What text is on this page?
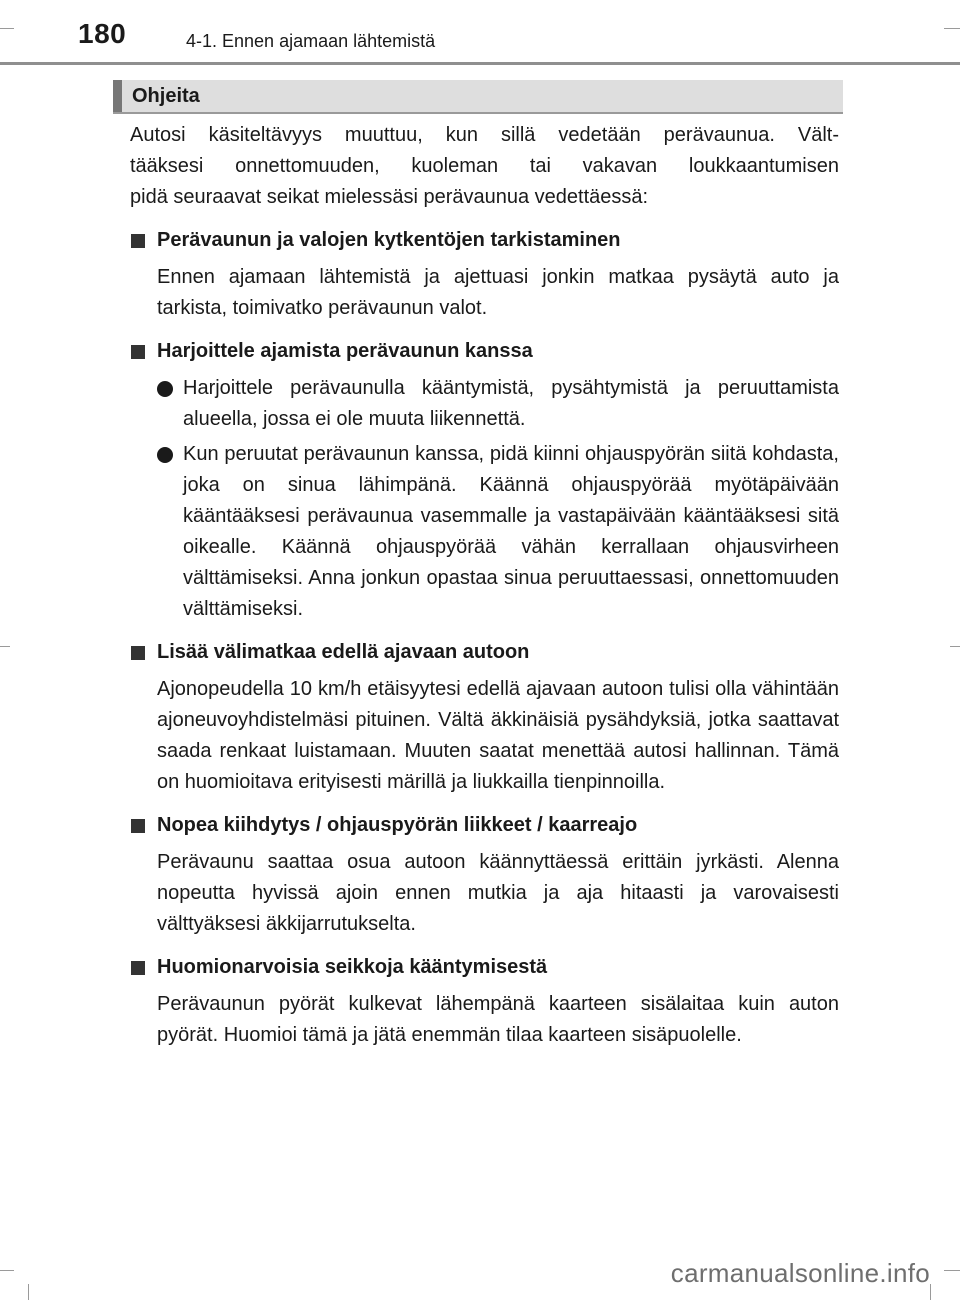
180	4-1. Ennen ajamaan lähtemistä
Ohjeita
Autosi käsiteltävyys muuttuu, kun sillä vedetään perävaunua. Vält-
tääksesi onnettomuuden, kuoleman tai vakavan loukkaantumisen
pidä seuraavat seikat mielessäsi perävaunua vedettäessä:
Perävaunun ja valojen kytkentöjen tarkistaminen
Ennen ajamaan lähtemistä ja ajettuasi jonkin matkaa pysäytä auto ja tarkista, toimivatko perävaunun valot.
Harjoittele ajamista perävaunun kanssa
Harjoittele perävaunulla kääntymistä, pysähtymistä ja peruuttamista alueella, jossa ei ole muuta liikennettä.
Kun peruutat perävaunun kanssa, pidä kiinni ohjauspyörän siitä kohdasta, joka on sinua lähimpänä. Käännä ohjauspyörää myötäpäivään kääntääksesi perävaunua vasemmalle ja vastapäivään kääntääksesi sitä oikealle. Käännä ohjauspyörää vähän kerrallaan ohjausvirheen välttämiseksi. Anna jonkun opastaa sinua peruuttaessasi, onnettomuuden välttämiseksi.
Lisää välimatkaa edellä ajavaan autoon
Ajonopeudella 10 km/h etäisyytesi edellä ajavaan autoon tulisi olla vähintään ajoneuvoyhdistelmäsi pituinen. Vältä äkkinäisiä pysähdyksiä, jotka saattavat saada renkaat luistamaan. Muuten saatat menettää autosi hallinnan. Tämä on huomioitava erityisesti märillä ja liukkailla tienpinnoilla.
Nopea kiihdytys / ohjauspyörän liikkeet / kaarreajo
Perävaunu saattaa osua autoon käännyttäessä erittäin jyrkästi. Alenna nopeutta hyvissä ajoin ennen mutkia ja aja hitaasti ja varovaisesti välttyäksesi äkkijarrutukselta.
Huomionarvoisia seikkoja kääntymisestä
Perävaunun pyörät kulkevat lähempänä kaarteen sisälaitaa kuin auton pyörät. Huomioi tämä ja jätä enemmän tilaa kaarteen sisäpuolelle.
carmanualsonline.info
